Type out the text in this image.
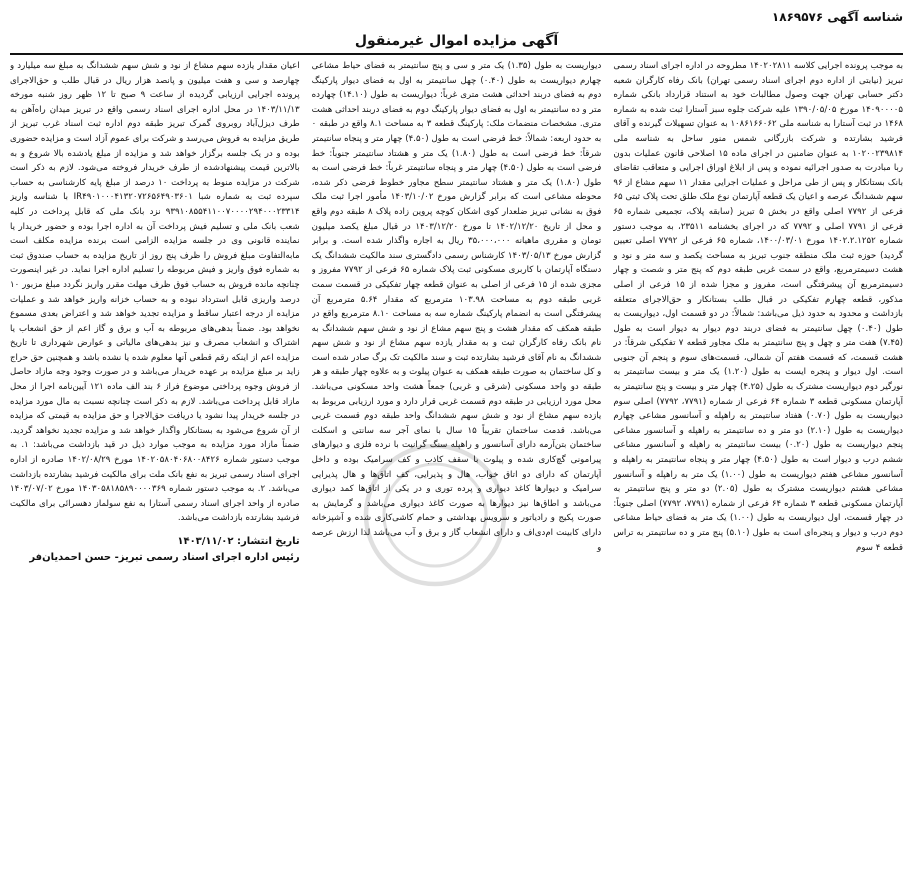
شناسه آگهی ۱۸۶۹۵۷۶
آگهی مزایده اموال غیرمنقول

به موجب پرونده اجرایی کلاسه ۱۴۰۲۰۲۸۱۱ مطروحه در اداره اجرای اسناد رسمی تبریز (نیابتی از اداره دوم اجرای اسناد رسمی تهران) بانک رفاه کارگران شعبه دکتر حسابی تهران جهت وصول مطالبات خود به استناد قرارداد بانکی شماره ۱۴۰۹۰۰۰۰۵ مورخ ۱۳۹۰/۰۵/۰۵ علیه شرکت جلوه سبز آستارا ثبت شده به شماره ۱۴۶۸ در ثبت آستارا به شناسه ملی ۱۰۸۶۱۶۶۰۶۲ به عنوان تسهیلات گیرنده و آقای فرشید بشارتده و شرکت بازرگانی شمس منور ساحل به شناسه ملی ۱۰۲۰۰۲۳۹۸۱۴ به عنوان ضامنین در اجرای ماده ۱۵ اصلاحی قانون عملیات بدون ربا مبادرت به صدور اجرائیه نموده و پس از ابلاغ اوراق اجرایی و متعاقب تقاضای بانک بستانکار و پس از طی مراحل و عملیات اجرایی مقدار ۱۱ سهم مشاع از ۹۶ سهم ششدانگ عرصه و اعیان یک قطعه آپارتمان نوع ملک طلق تحت پلاک ثبتی ۶۵ فرعی از ۷۷۹۲ اصلی واقع در بخش ۵ تبریز (سابقه پلاک، تجمیعی شماره ۶۵ فرعی از ۷۷۹۱ اصلی و ۷۷۹۲ که در اجرای بخشنامه ۲۳۵۱۱، به موجب دستور شماره ۱۴۰۲.۲.۱۲۵۲ مورخ ۱۴۰۰/۰۳/۰۱، شماره ۶۵ فرعی از ۷۷۹۲ اصلی تعیین گردید) حوزه ثبت ملک منطقه جنوب تبریز به مساحت یکصد و سه متر و نود و هشت دسیمترمربع، واقع در سمت غربی طبقه دوم که پنج متر و شصت و چهار دسیمترمربع آن پیشرفتگی است، مفروز و مجزا شده از ۱۵ فرعی از اصلی مذکور، قطعه چهارم تفکیکی در قبال طلب بستانکار و حق‌الاجرای متعلقه بازداشت و محدود به حدود ذیل می‌باشد: شمالاً: در دو قسمت اول، دیواریست به طول (۰.۴۰) چهل سانتیمتر به فضای دربند دوم دیوار به دیوار است به طول (۷.۴۵) هفت متر و چهل و پنج سانتیمتر به ملک مجاور قطعه ۷ تفکیکی شرقاً: در هشت قسمت، که قسمت هفتم آن شمالی، قسمت‌های سوم و پنجم آن جنوبی است. اول دیوار و پنجره ایست به طول (۱.۲۰) یک متر و بیست سانتیمتر به نورگیر دوم دیواریست مشترک به طول (۴.۲۵) چهار متر و بیست و پنج سانتیمتر به آپارتمان مسکونی قطعه ۳ شماره ۶۴ فرعی از شماره (۷۷۹۱، ۷۷۹۲) اصلی سوم دیواریست به طول (۰.۷۰) هفتاد سانتیمتر به راهپله و آسانسور مشاعی چهارم دیواریست به طول (۲.۱۰) دو متر و ده سانتیمتر به راهپله و آسانسور مشاعی پنجم دیواریست به طول (۰.۲۰) بیست سانتیمتر به راهپله و آسانسور مشاعی ششم درب و دیوار است به طول (۴.۵۰) چهار متر و پنجاه سانتیمتر به راهپله و آسانسور مشاعی هفتم دیواریست به طول (۱.۰۰) یک متر به راهپله و آسانسور مشاعی هشتم دیواریست مشترک به طول (۲.۰۵) دو متر و پنج سانتیمتر به آپارتمان مسکونی قطعه ۳ شماره ۶۴ فرعی از شماره (۷۷۹۱، ۷۷۹۲) اصلی جنوباً: در چهار قسمت، اول دیواریست به طول (۱.۰۰) یک متر به فضای حیاط مشاعی دوم درب و دیوار و پنجره‌ای است به طول (۵.۱۰) پنج متر و ده سانتیمتر به تراس قطعه ۴ سوم

دیواریست به طول (۱.۳۵) یک متر و سی و پنج سانتیمتر به فضای حیاط مشاعی چهارم دیواریست به طول (۰.۴۰) چهل سانتیمتر به اول به فضای دیوار پارکینگ دوم به فضای دربند احداثی هشت متری غرباً: دیواریست به طول (۱۴.۱۰) چهارده متر و ده سانتیمتر به اول به فضای دیوار پارکینگ دوم به فضای دربند احداثی هشت متری. مشخصات منضمات ملک: پارکینگ قطعه ۳ به مساحت ۸.۱ واقع در طبقه ۰ به حدود اربعه: شمالاً: خط فرضی است به طول (۴.۵۰) چهار متر و پنجاه سانتیمتر شرقاً: خط فرضی است به طول (۱.۸۰) یک متر و هشتاد سانتیمتر جنوباً: خط فرضی است به طول (۴.۵۰) چهار متر و پنجاه سانتیمتر غرباً: خط فرضی است به طول (۱.۸۰) یک متر و هشتاد سانتیمتر سطح مجاور خطوط فرضی ذکر شده، محوطه مشاعی است که برابر گزارش مورخ ۱۴۰۳/۱۰/۰۲ مأمور اجرا ثبت ملک فوق به نشانی تبریز ضلعدار کوی اشکان کوچه پروین زاده پلاک ۸ طبقه دوم واقع و محل از تاریخ ۱۴۰۲/۱۲/۲۰ تا مورخ ۱۴۰۳/۱۲/۲۰ در قبال مبلغ یکصد میلیون تومان و مقرری ماهیانه ۳۵،۰۰۰،۰۰۰ ریال به اجاره واگذار شده است. و برابر گزارش مورخ ۱۴۰۳/۰۵/۱۳ کارشناس رسمی دادگستری سند مالکیت ششدانگ یک دستگاه آپارتمان با کاربری مسکونی ثبت پلاک شماره ۶۵ فرعی از ۷۷۹۲ مفروز و مجزی شده از ۱۵ فرعی از اصلی به عنوان قطعه چهار تفکیکی در قسمت سمت غربی طبقه دوم به مساحت ۱۰۳.۹۸ مترمربع که مقدار ۵.۶۴ مترمربع آن پیشرفتگی است به انضمام پارکینگ شماره سه به مساحت ۸.۱۰ مترمربع واقع در طبقه همکف که مقدار هشت و پنج سهم مشاع از نود و شش سهم ششدانگ به نام بانک رفاه کارگران ثبت و به مقدار یازده سهم مشاع از نود و شش سهم ششدانگ به نام آقای فرشید بشارتده ثبت و سند مالکیت تک برگ صادر شده است و کل ساختمان به صورت طبقه همکف به عنوان پیلوت و به علاوه چهار طبقه و هر طبقه دو واحد مسکونی (شرقی و غربی) جمعاً هشت واحد مسکونی می‌باشد. محل مورد ارزیابی در طبقه دوم قسمت غربی قرار دارد و مورد ارزیابی مربوط به یازده سهم مشاع از نود و شش سهم ششدانگ واحد طبقه دوم قسمت غربی می‌باشد. قدمت ساختمان تقریباً ۱۵ سال با نمای آجر سه سانتی و اسکلت ساختمان بتن‌آرمه دارای آسانسور و راهپله سنگ گرانیت با نرده فلزی و دیوارهای پیرامونی گچ‌کاری شده و پیلوت با سقف کاذب و کف سرامیک بوده و داخل آپارتمان که دارای دو اتاق خواب، هال و پذیرایی، کف اتاق‌ها و هال پذیرایی سرامیک و دیوارها کاغذ دیواری و پرده توری و در یکی از اتاق‌ها کمد دیواری می‌باشد و اطاق‌ها نیز دیوارها به صورت کاغذ دیواری می‌باشد و گرمایش به صورت پکیج و رادیاتور و سرویس بهداشتی و حمام کاشی‌کاری شده و آشپزخانه دارای کابینت ام‌دی‌اف و دارای انشعاب گاز و برق و آب می‌باشد لذا ارزش عرصه و

اعیان مقدار یازده سهم مشاع از نود و شش سهم ششدانگ به مبلغ سه میلیارد و چهارصد و سی و هفت میلیون و پانصد هزار ریال در قبال طلب و حق‌الاجرای پرونده اجرایی ارزیابی گردیده از ساعت ۹ صبح تا ۱۲ ظهر روز شنبه مورخه ۱۴۰۳/۱۱/۱۳ در محل اداره اجرای اسناد رسمی واقع در تبریز میدان راه‌آهن به طرف دیزل‌آباد روبروی گمرک تبریز طبقه دوم اداره ثبت اسناد غرب تبریز از طریق مزایده به فروش می‌رسد و شرکت برای عموم آزاد است و مزایده حضوری بوده و در یک جلسه برگزار خواهد شد و مزایده از مبلغ یادشده بالا شروع و به بالاترین قیمت پیشنهادشده از طرف خریدار فروخته می‌شود. لازم به ذکر است شرکت در مزایده منوط به پرداخت ۱۰ درصد از مبلغ پایه کارشناسی به حساب سپرده ثبت به شماره شبا IR۴۹۰۱۰۰۰۴۱۳۲۰۷۲۶۵۶۴۹۰۳۶۰۱ با شناسه واریز ۹۳۹۱۰۸۵۵۴۱۱۰۰۷۰۰۰۰۲۹۴۰۰۰۲۳۳۱۴ نزد بانک ملی که قابل پرداخت در کلیه شعب بانک ملی و تسلیم فیش پرداخت آن به اداره اجرا بوده و حضور خریدار یا نماینده قانونی وی در جلسه مزایده الزامی است برنده مزایده مکلف است مابه‌التفاوت مبلغ فروش را ظرف پنج روز از تاریخ مزایده به حساب صندوق ثبت به شماره فوق واریز و فیش مربوطه را تسلیم اداره اجرا نماید. در غیر اینصورت چنانچه مانده فروش به حساب فوق ظرف مهلت مقرر واریز نگردد مبلغ مزبور ۱۰ درصد واریزی قابل استرداد نبوده و به حساب خزانه واریز خواهد شد و عملیات مزایده از درجه اعتبار ساقط و مزایده تجدید خواهد شد و اعتراض بعدی مسموع نخواهد بود. ضمناً بدهی‌های مربوطه به آب و برق و گاز اعم از حق انشعاب یا اشتراک و انشعاب مصرف و نیز بدهی‌های مالیاتی و عوارض شهرداری تا تاریخ مزایده اعم از اینکه رقم قطعی آنها معلوم شده یا نشده باشد و همچنین حق حراج زاید بر مبلغ مزایده بر عهده خریدار می‌باشد و در صورت وجود وجه مازاد حاصل از فروش وجوه پرداختی موضوع فراز ۶ بند الف ماده ۱۲۱ آیین‌نامه اجرا از محل مازاد قابل پرداخت می‌باشد. لازم به ذکر است چنانچه نسبت به مال مورد مزایده در جلسه خریدار پیدا نشود یا دریافت حق‌الاجرا و حق مزایده به قیمتی که مزایده از آن شروع می‌شود به بستانکار واگذار خواهد شد و مزایده تجدید نخواهد گردید. ضمناً مازاد مورد مزایده به موجب موارد ذیل در قید بازداشت می‌باشد: ۱. به موجب دستور شماره ۱۴۰۲۰۵۸۰۴۰۶۸۰۰۸۴۲۶ مورخ ۱۴۰۲/۰۸/۲۹ صادره از اداره اجرای اسناد رسمی تبریز به نفع بانک ملت برای مالکیت فرشید بشارتده بازداشت می‌باشد. ۲. به موجب دستور شماره ۱۴۰۳۰۵۸۱۸۵۸۹۰۰۰۰۳۶۹ مورخ ۱۴۰۳/۰۷/۰۲ صادره از واحد اجرای اسناد رسمی آستارا به نفع سولماز دهسرائی برای مالکیت فرشید بشارتده بازداشت می‌باشد.

تاریخ انتشار: ۱۴۰۳/۱۱/۰۲
رئیس اداره اجرای اسناد رسمی تبریز- حسن احمدیان‌فر
